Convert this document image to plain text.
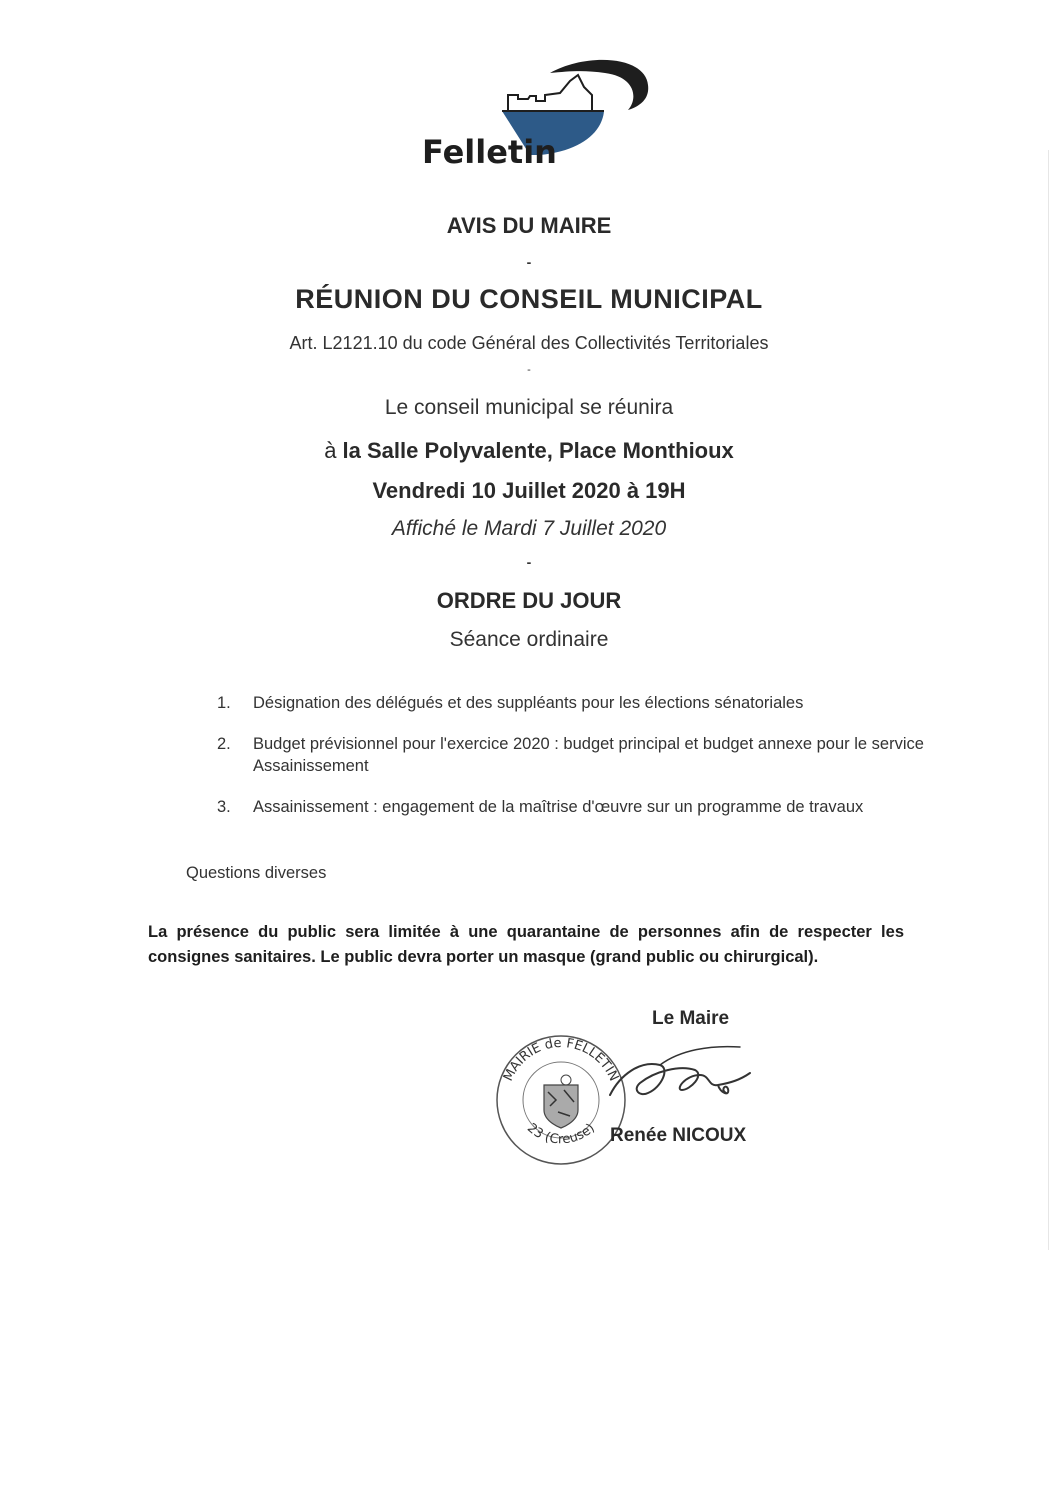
Felletin
AVIS DU MAIRE
-
RÉUNION DU CONSEIL MUNICIPAL
Art. L2121.10 du code Général des Collectivités Territoriales
-
Le conseil municipal se réunira
à la Salle Polyvalente, Place Monthioux
Vendredi 10 Juillet 2020 à 19H
Affiché le Mardi 7 Juillet 2020
-
ORDRE DU JOUR
Séance ordinaire
1. Désignation des délégués et des suppléants pour les élections sénatoriales
2. Budget prévisionnel pour l'exercice 2020 : budget principal et budget annexe pour le service Assainissement
3. Assainissement : engagement de la maîtrise d'œuvre sur un programme de travaux
Questions diverses
La présence du public sera limitée à une quarantaine de personnes afin de respecter les consignes sanitaires. Le public devra porter un masque (grand public ou chirurgical).
Le Maire
MAIRIE de FELLETIN
23 (Creuse) Renée NICOUX
